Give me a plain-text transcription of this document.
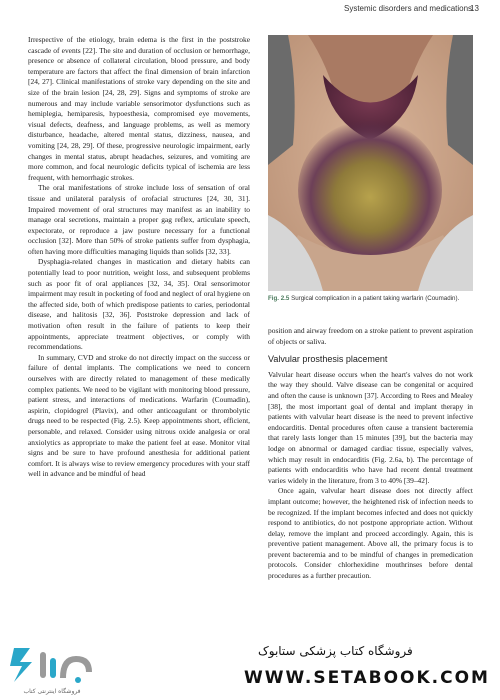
Systemic disorders and medications
13

Irrespective of the etiology, brain edema is the first in the poststroke cascade of events [22]. The site and duration of occlusion or hemorrhage, presence or absence of collateral circulation, blood pressure, and body temperature are factors that affect the final dimension of brain infarction [24, 27]. Clinical manifestations of stroke vary depending on the site and size of the brain lesion [24, 28, 29]. Signs and symptoms of stroke are numerous and may include variable sensorimotor dysfunctions such as hemiplegia, hemiparesis, hypoesthesia, compromised eye movements, visual defects, deafness, and language problems, as well as memory disturbance, headache, altered mental status, dizziness, nausea, and vomiting [24, 28, 29]. Of these, progressive neurologic impairment, early changes in mental status, abrupt headaches, seizures, and vomiting are more common, and focal neurologic deficits typical of ischemia are less frequent, with hemorrhagic strokes.

The oral manifestations of stroke include loss of sensation of oral tissue and unilateral paralysis of orofacial structures [24, 30, 31]. Impaired movement of oral structures may manifest as an inability to manage oral secretions, maintain a proper gag reflex, articulate speech, expectorate, or reproduce a jaw posture necessary for a functional occlusion [32]. More than 50% of stroke patients suffer from dysphagia, often having more difficulties managing liquids than solids [32, 33].

Dysphagia-related changes in mastication and dietary habits can potentially lead to poor nutrition, weight loss, and subsequent problems such as poor fit of oral appliances [32, 34, 35]. Oral sensorimotor impairment may result in pocketing of food and neglect of oral hygiene on the affected side, both of which predispose patients to caries, periodontal disease, and halitosis [32, 36]. Poststroke depression and lack of motivation often result in the failure of patients to keep their appointments, appreciate treatment objectives, or comply with recommendations.

In summary, CVD and stroke do not directly impact on the success or failure of dental implants. The complications we need to concern ourselves with are directly related to management of these medically complex patients. We need to be vigilant with monitoring blood pressure, patient stress, and interactions of medications. Warfarin (Coumadin), aspirin, clopidogrel (Plavix), and other anticoagulant or thrombolytic drugs need to be respected (Fig. 2.5). Keep appointments short, efficient, personable, and relaxed. Consider using nitrous oxide analgesia or oral anxiolytics as appropriate to make the patient feel at ease. Monitor vital signs and be sure to have profound anesthesia for additional patient comfort. It is always wise to review emergency procedures with your staff well in advance and be mindful of head

Fig. 2.5 Surgical complication in a patient taking warfarin (Coumadin).

position and airway freedom on a stroke patient to prevent aspiration of objects or saliva.

Valvular prosthesis placement

Valvular heart disease occurs when the heart's valves do not work the way they should. Valve disease can be congenital or acquired and often the cause is unknown [37]. According to Rees and Mealey [38], the most important goal of dental and implant therapy in patients with valvular heart disease is the need to prevent infective endocarditis. Dental procedures often cause a transient bacteremia that rarely lasts longer than 15 minutes [39], but the bacteria may lodge on abnormal or damaged cardiac tissue, especially valves, which may result in endocarditis (Fig. 2.6a, b). The percentage of patients with endocarditis who have had recent dental treatment varies widely in the literature, from 3 to 40% [39–42].

Once again, valvular heart disease does not directly affect implant outcome; however, the heightened risk of infection needs to be recognized. If the implant becomes infected and does not quickly respond to antibiotics, do not postpone appropriate action. Without delay, remove the implant and proceed accordingly. Again, this is preventive patient management. Above all, the primary focus is to prevent bacteremia and to be mindful of changes in premedication protocols. Consider chlorhexidine mouthrinses before dental procedures as a further precaution.

فروشگاه اینترنتی کتاب
فروشگاه کتاب پزشکی ستابوک
WWW.SETABOOK.COM
